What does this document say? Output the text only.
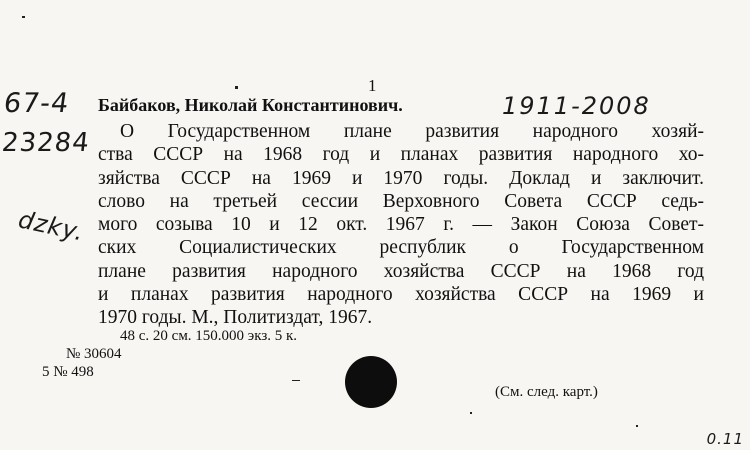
1
67-4
23284
dzky.
Байбаков, Николай Константинович.	1911-2008
О Государственном плане развития народного хозяй-
ства СССР на 1968 год и планах развития народного хо-
зяйства СССР на 1969 и 1970 годы. Доклад и заключит.
слово на третьей сессии Верховного Совета СССР седь-
мого созыва 10 и 12 окт. 1967 г. — Закон Союза Совет-
ских Социалистических республик о Государственном
плане развития народного хозяйства СССР на 1968 год
и планах развития народного хозяйства СССР на 1969 и
1970 годы. М., Политиздат, 1967.
48 с. 20 см. 150.000 экз. 5 к.
№ 30604
5 № 498
(См. след. карт.)
0.11
